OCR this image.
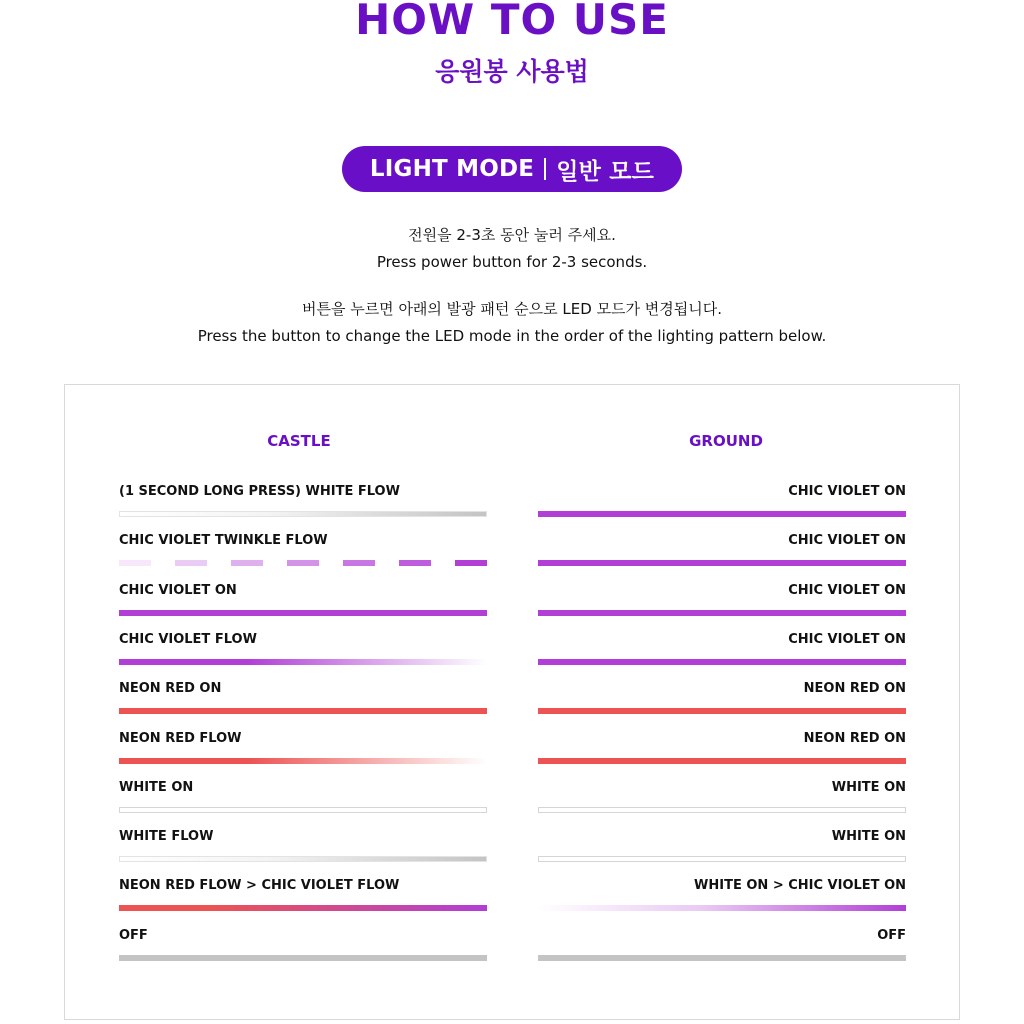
HOW TO USE
응원봉 사용법
LIGHT MODE 일반 모드
전원을 2-3초 동안 눌러 주세요.
Press power button for 2-3 seconds.
버튼을 누르면 아래의 발광 패턴 순으로 LED 모드가 변경됩니다.
Press the button to change the LED mode in the order of the lighting pattern below.
CASTLE	GROUND
(1 SECOND LONG PRESS) WHITE FLOW
CHIC VIOLET TWINKLE FLOW
CHIC VIOLET ON
CHIC VIOLET FLOW
NEON RED ON
NEON RED FLOW
WHITE ON
WHITE FLOW
NEON RED FLOW > CHIC VIOLET FLOW
OFF
CHIC VIOLET ON
CHIC VIOLET ON
CHIC VIOLET ON
CHIC VIOLET ON
NEON RED ON
NEON RED ON
WHITE ON
WHITE ON
WHITE ON > CHIC VIOLET ON
OFF
